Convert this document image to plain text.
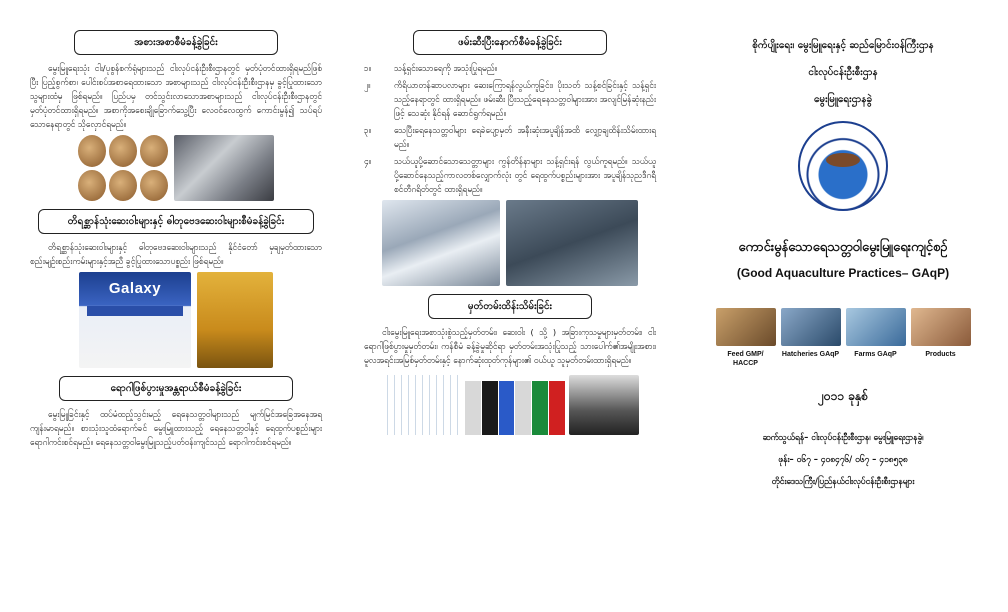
အစားအစာစီမံခန့်ခွဲခြင်း

မွေးမြူရေးသုံး ငါး/ပုစွန်စက်ရုံများသည် ငါးလုပ်ငန်းဦးစီးဌာနတွင် မှတ်ပုံတင်ထားရှိရမည်ဖြစ်ပြီး ပြည့်စွက်စာ၊ ပေါင်းစပ်အစာရေထားသော အစာများသည် ငါးလုပ်ငန်းဦးစီးဌာနမှ ခွင့်ပြုထားသောသွများထံမှ ဖြစ်ရမည်။ ပြည်ပမှ တင်သွင်းလာသောအစာများသည် ငါးလုပ်ငန်းဦးစီးဌာနတွင် မှတ်ပုံတင်ထားရှိရမည်။ အစာကိုအစေးချိုခြောက်သွေ့ပြီး လေဝင်လေထွက် ကောင်းမွန်၍ သပ်ရပ်သောနေရာတွင် သိုလှောင်ရမည်။

တိရစ္ဆာန်သုံးဆေးဝါးများနှင့် ဓါတုဗေဒဆေးဝါးများစီမံခန့်ခွဲခြင်း

တိရစ္ဆာန်သုံးဆေးဝါးများနှင့် ဓါတုဗေဒဆေးဝါးများသည် နိုင်ငံတော် မှချမှတ်ထားသော စည်းမျဉ်းစည်းကမ်းများနှင့်အညီ ခွင့်ပြုထားသောပစ္စည်း ဖြစ်ရမည်။

Galaxy
ရောဂါဖြစ်ပွားမှုအန္တရာယ်စီမံခန့်ခွဲခြင်း

မွေးမြူခြင်းနှင့် ထပ်မံထည့်သွင်းမည့် ရေနေသတ္တဝါများသည် မျက်မြင်အခြေအနေအရ ကျန်းမာရမည်။ စားသုံးသူထံရောက်ခင် မွေးမြူထားသည့် ရေနေသတ္တဝါနှင့် ရေထွက်ပစ္စည်းများ ရောဂါကင်းစင်ရမည်။ ရေနေသတ္တဝါမွေးမြူသည့်ပတ်ဝန်းကျင်သည် ရောဂါကင်းစင်ရမည်။

ဖမ်းဆီးပြီးနောက်စီမံခန့်ခွဲခြင်း
၁။	သန့်ရှင်းသောရေကို အသုံးပြုရမည်။
၂။	ကိရိယာတန်ဆာပလာများ ဆေးကြောရန်လွယ်ကူခြင်း၊ ပိုးသတ် သန့်စင်ခြင်းနှင့် သန့်ရှင်းသည့်နေရာတွင် ထားရှိရမည်။ ဖမ်းဆီး ပြီးသည့်ရေနေသတ္တဝါများအား အလျင်မြန်ဆုံးနည်းဖြင့် သေဆုံး နိုင်ရန် ဆောင်ရွက်ရမည်။
၃။	သေပြီးရေနေသတ္တဝါများ ရေခဲပျော့မှတ် အနီးဆုံးအပူချိန်အထိ လျှော့ချထိန်းသိမ်းထားရမည်။
၄။	သယ်ယူပို့ဆောင်သောသေတ္တာများ ကွန်တိန်နာများ သန့်ရှင်းရန် လွယ်ကူရမည်။ သယ်ယူပို့ဆောင်နေသည့်ကာလတစ်လျှောက်လုံး တွင် ရေထွက်ပစ္စည်းများအား အပူချိန်သုညဒီဂရီစင်တီဂရိတ်တွင် ထားရှိရမည်။
မှတ်တမ်းထိန်းသိမ်းခြင်း

ငါးမွေးမြူရေးအစာသုံးစွဲသည့်မှတ်တမ်း၊ ဆေးဝါး ( သို့ ) အခြားကုသမှုများမှတ်တမ်း၊ ငါးရောဂါဖြစ်ပွားမှုမှတ်တမ်း၊ ကန်စီမံ ခန့်ခွဲမှုဆိုင်ရာ မှတ်တမ်းအသုံးပြုသည့် သားပေါက်၏အမျိုးအစား၊ မူလအရင်းအမြစ်မှတ်တမ်းနှင့် နောက်ဆုံးထုတ်ကုန်များ၏ ဝယ်ယူ သူမှတ်တမ်းထားရှိရမည်။

စိုက်ပျိုးရေး၊ မွေးမြူရေးနှင့် ဆည်မြောင်းဝန်ကြီးဌာန
ငါးလုပ်ငန်းဦးစီးဌာန
မွေးမြူရေးဌာနခွဲ
ကောင်းမွန်သောရေသတ္တဝါမွေးမြူရေးကျင့်စဉ်
(Good Aquaculture Practices– GAqP)
Feed GMP/ HACCP
Hatcheries GAqP	Farms GAqP	Products
၂၀၁၁ ခုနှစ်
ဆက်သွယ်ရန်– ငါးလုပ်ငန်းဦးစီးဌာန၊ မွေးမြူရေးဌာနခွဲ၊
ဖုန်း– ၀၆၇ – ၄၀၈၄၇၆/ ၀၆၇ – ၄၁၈၅၃၈
တိုင်းဒေသကြီး/ပြည်နယ်ငါးလုပ်ငန်းဦးစီးဌာနများ
